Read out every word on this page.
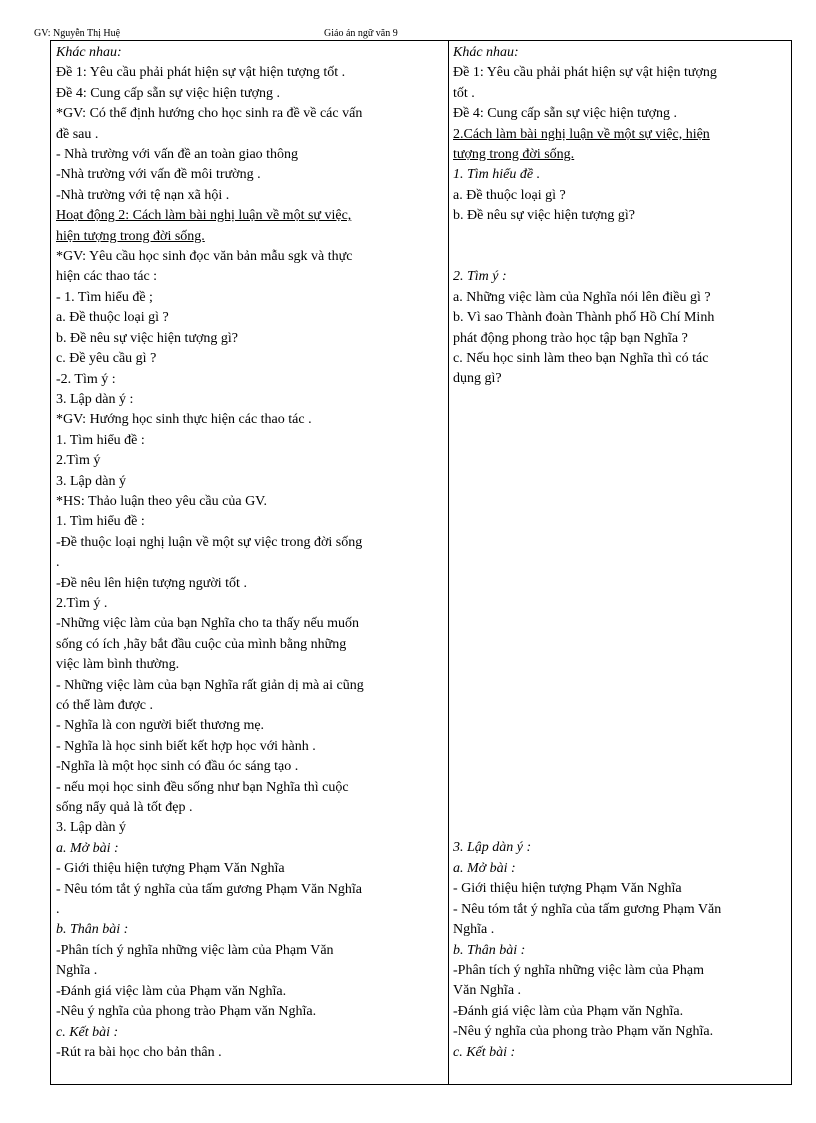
GV: Nguyễn Thị Huệ	Giáo án ngữ văn 9
Khác nhau:
Đề 1: Yêu cầu phải phát hiện sự vật hiện tượng tốt .
Đề 4: Cung cấp sẵn sự việc hiện tượng .
*GV: Có thể định hướng cho học sinh ra đề về các vấn
đề sau .
- Nhà trường với vấn đề an toàn giao thông
-Nhà trường với vấn đề môi trường .
-Nhà trường với tệ nạn xã hội .
Hoạt động 2: Cách làm bài nghị luận về một sự việc,
hiện tượng trong đời sống.
*GV: Yêu cầu học sinh đọc văn bản mẫu sgk và thực
hiện các thao tác :
- 1. Tìm hiểu đề ;
a. Đề thuộc loại gì ?
b. Đề nêu sự việc hiện tượng gì?
c. Đề yêu cầu gì ?
-2. Tìm ý :
3. Lập dàn ý :
*GV: Hướng học sinh thực hiện các thao tác .
1. Tìm hiểu đề :
2.Tìm ý
3. Lập dàn ý
*HS: Thảo luận theo yêu cầu của GV.
1. Tìm hiểu đề :
-Đề thuộc loại nghị luận về một sự việc trong đời sống
.
-Đề nêu lên hiện tượng người tốt .
2.Tìm ý .
-Những việc làm của bạn Nghĩa cho ta thấy nếu muốn
sống có ích ,hãy bắt đầu cuộc của mình bằng những
việc làm bình thường.
- Những việc làm của bạn Nghĩa rất giản dị mà ai cũng
có thể làm được .
- Nghĩa là con người biết thương mẹ.
- Nghĩa là học sinh biết kết hợp học với hành .
-Nghĩa là một học sinh có đầu óc sáng tạo .
- nếu mọi học sinh đều sống như bạn Nghĩa thì cuộc
sống nẩy quả là tốt đẹp .
3. Lập dàn ý
a. Mở bài :
- Giới thiệu hiện tượng Phạm Văn Nghĩa
- Nêu tóm tắt ý nghĩa của tấm gương Phạm Văn Nghĩa
.
b. Thân bài :
-Phân tích ý nghĩa những việc làm của Phạm Văn
Nghĩa .
-Đánh giá việc làm của Phạm văn Nghĩa.
-Nêu ý nghĩa của phong trào Phạm văn Nghĩa.
c. Kết bài :
-Rút ra bài học cho bản thân .
Khác nhau:
Đề 1: Yêu cầu phải phát hiện sự vật hiện tượng
tốt .
Đề 4: Cung cấp sẵn sự việc hiện tượng .
2.Cách làm bài nghị luận về một sự việc, hiện
tượng trong đời sống.
1. Tìm hiểu đề .
a. Đề thuộc loại gì ?
b. Đề nêu sự việc hiện tượng gì?
2. Tìm ý :
a. Những việc làm của Nghĩa nói lên điều gì ?
b. Vì sao Thành đoàn Thành phố Hồ Chí Minh
phát động phong trào học tập bạn Nghĩa ?
c. Nếu học sinh làm theo bạn Nghĩa thì có tác
dụng gì?
3. Lập dàn ý :
a. Mở bài :
- Giới thiệu hiện tượng Phạm Văn Nghĩa
- Nêu tóm tắt ý nghĩa của tấm gương Phạm Văn
Nghĩa .
b. Thân bài :
-Phân tích ý nghĩa những việc làm của Phạm
Văn Nghĩa .
-Đánh giá việc làm của Phạm văn Nghĩa.
-Nêu ý nghĩa của phong trào Phạm văn Nghĩa.
c. Kết bài :
